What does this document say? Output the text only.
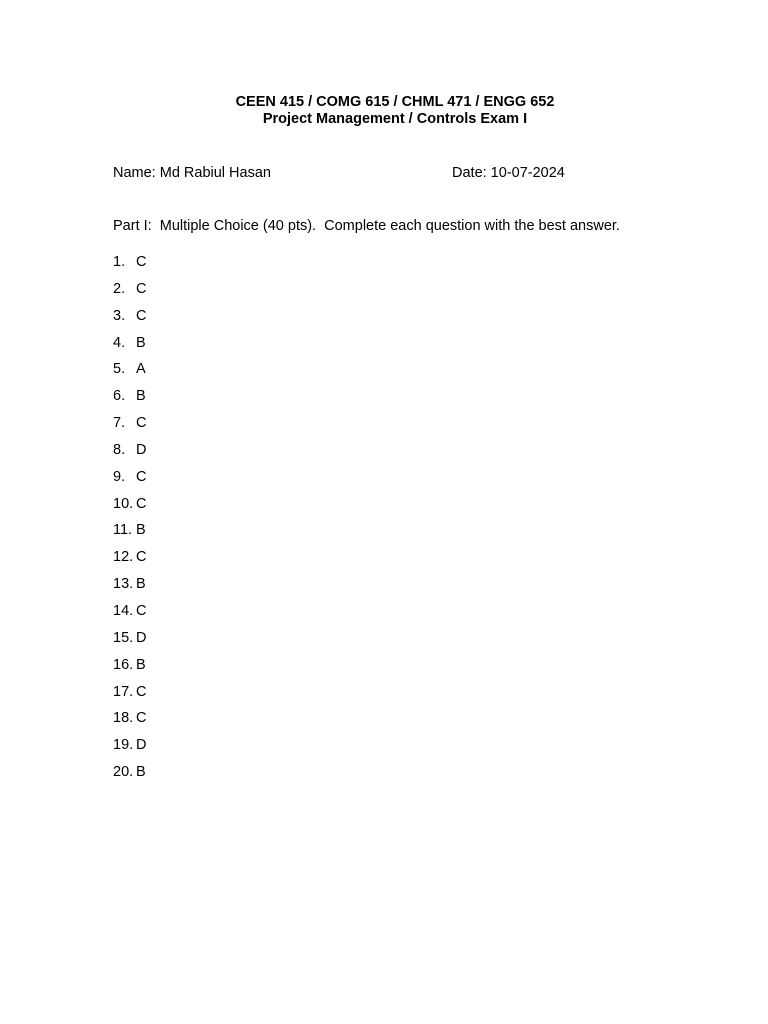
CEEN 415 / COMG 615 / CHML 471 / ENGG 652
Project Management / Controls Exam I
Name: Md Rabiul Hasan	Date: 10-07-2024
Part I:  Multiple Choice (40 pts).  Complete each question with the best answer.
1. C
2. C
3. C
4. B
5. A
6. B
7. C
8. D
9. C
10. C
11. B
12. C
13. B
14. C
15. D
16. B
17. C
18. C
19. D
20. B
